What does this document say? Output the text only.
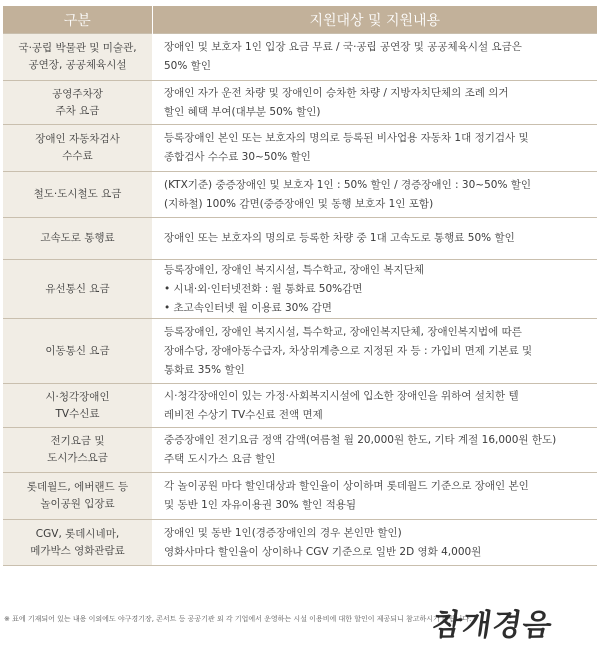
구분	지원대상 및 지원내용

국·공립 박물관 및 미술관,
공연장, 공공체육시설	장애인 및 보호자 1인 입장 요금 무료 / 국·공립 공연장 및 공공체육시설 요금은
50% 할인

공영주차장
주차 요금	장애인 자가 운전 차량 및 장애인이 승차한 차량 / 지방자치단체의 조례 의거
할인 혜택 부여(대부분 50% 할인)

장애인 자동차검사
수수료	등록장애인 본인 또는 보호자의 명의로 등록된 비사업용 자동차 1대 정기검사 및
종합검사 수수료 30~50% 할인

철도·도시철도 요금	(KTX기준) 중증장애인 및 보호자 1인 : 50% 할인 / 경증장애인 : 30~50% 할인
(지하철) 100% 감면(중증장애인 및 동행 보호자 1인 포함)

고속도로 통행료	장애인 또는 보호자의 명의로 등록한 차량 중 1대 고속도로 통행료 50% 할인

유선통신 요금	등록장애인, 장애인 복지시설, 특수학교, 장애인 복지단체
• 시내·외·인터넷전화 : 월 통화료 50%감면
• 초고속인터넷 월 이용료 30% 감면

이동통신 요금	등록장애인, 장애인 복지시설, 특수학교, 장애인복지단체, 장애인복지법에 따른
장애수당, 장애아동수급자, 차상위계층으로 지정된 자 등 : 가입비 면제 기본료 및
통화료 35% 할인

시·청각장애인
TV수신료	시·청각장애인이 있는 가정·사회복지시설에 입소한 장애인을 위하여 설치한 텔
레비전 수상기 TV수신료 전액 면제

전기요금 및
도시가스요금	중증장애인 전기요금 정액 감액(여름철 월 20,000원 한도, 기타 계절 16,000원 한도)
주택 도시가스 요금 할인

롯데월드, 에버랜드 등
놀이공원 입장료	각 놀이공원 마다 할인대상과 할인율이 상이하며 롯데월드 기준으로 장애인 본인
및 동반 1인 자유이용권 30% 할인 적용됨

CGV, 롯데시네마,
메가박스 영화관람료	장애인 및 동반 1인(경증장애인의 경우 본인만 할인)
영화사마다 할인율이 상이하나 CGV 기준으로 일반 2D 영화 4,000원
※ 표에 기재되어 있는 내용 이외에도 야구경기장, 콘서트 등 공공기관 외 각 기업에서 운영하는 시설 이용비에 대한 할인이 제공되니 참고하시기 바랍니다.
참개경음
